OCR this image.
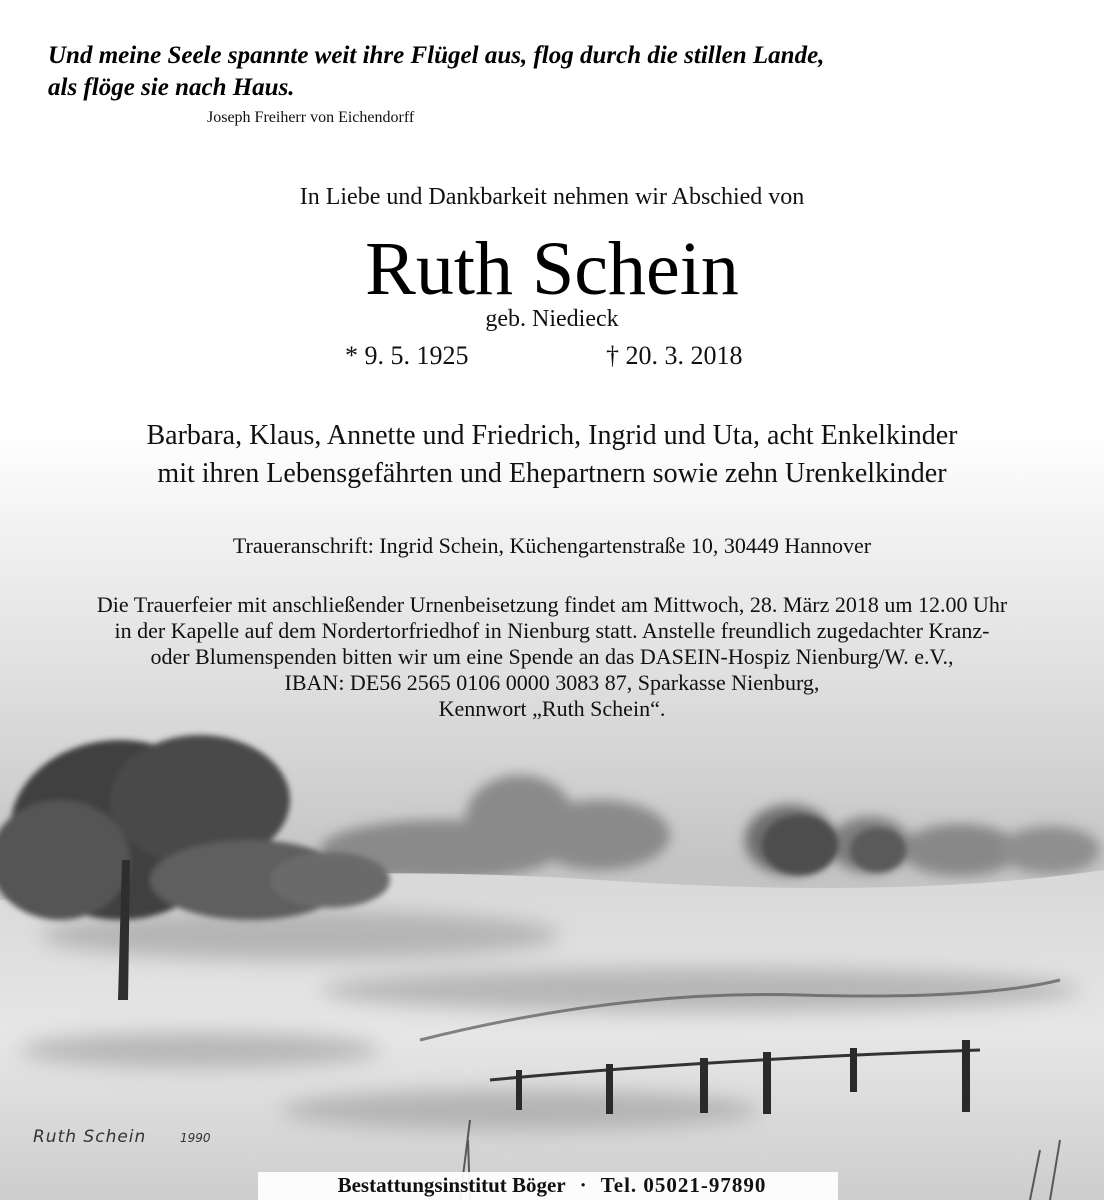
Und meine Seele spannte weit ihre Flügel aus, flog durch die stillen Lande,
als flöge sie nach Haus.
Joseph Freiherr von Eichendorff
In Liebe und Dankbarkeit nehmen wir Abschied von
Ruth Schein
geb. Niedieck
* 9. 5. 1925	† 20. 3. 2018
Barbara, Klaus, Annette und Friedrich, Ingrid und Uta, acht Enkelkinder
mit ihren Lebensgefährten und Ehepartnern sowie zehn Urenkelkinder
Traueranschrift: Ingrid Schein, Küchengartenstraße 10, 30449 Hannover
Die Trauerfeier mit anschließender Urnenbeisetzung findet am Mittwoch, 28. März 2018 um 12.00 Uhr
in der Kapelle auf dem Nordertorfriedhof in Nienburg statt. Anstelle freundlich zugedachter Kranz-
oder Blumenspenden bitten wir um eine Spende an das DASEIN-Hospiz Nienburg/W. e.V.,
IBAN: DE56 2565 0106 0000 3083 87, Sparkasse Nienburg,
Kennwort „Ruth Schein“.
Ruth Schein	1990
Bestattungsinstitut Böger · Tel. 05021-97890
